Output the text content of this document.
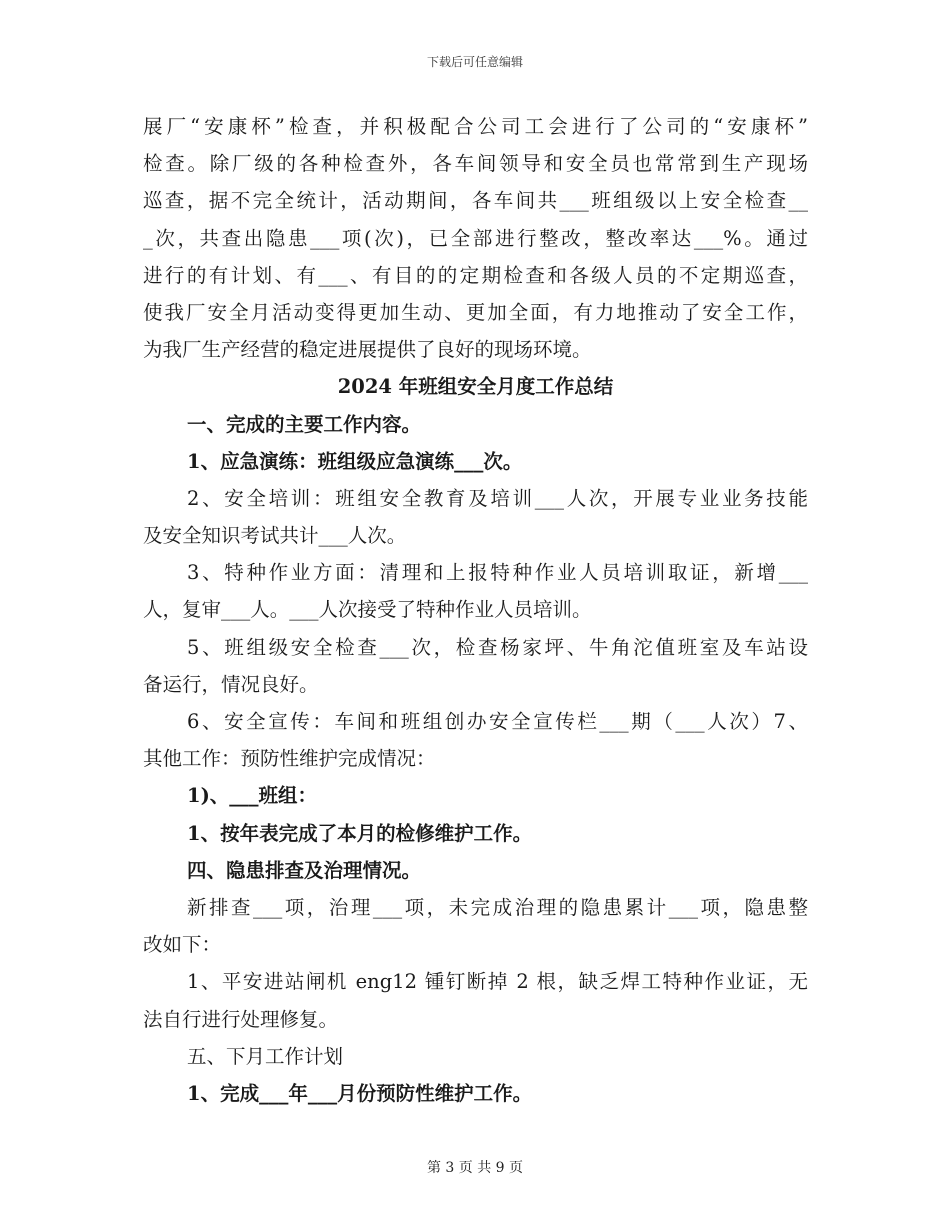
下载后可任意编辑
展厂“安康杯”检查，并积极配合公司工会进行了公司的“安康杯”
检查。除厂级的各种检查外，各车间领导和安全员也常常到生产现场
巡查，据不完全统计，活动期间，各车间共___班组级以上安全检查__
_次，共查出隐患___项(次)，已全部进行整改，整改率达___%。通过
进行的有计划、有___、有目的的定期检查和各级人员的不定期巡查，
使我厂安全月活动变得更加生动、更加全面，有力地推动了安全工作，
为我厂生产经营的稳定进展提供了良好的现场环境。
2024 年班组安全月度工作总结
一、完成的主要工作内容。
1、应急演练：班组级应急演练___次。
2、安全培训：班组安全教育及培训___人次，开展专业业务技能
及安全知识考试共计___人次。
3、特种作业方面：清理和上报特种作业人员培训取证，新增___
人，复审___人。___人次接受了特种作业人员培训。
5、班组级安全检查___次，检查杨家坪、牛角沱值班室及车站设
备运行，情况良好。
6、安全宣传：车间和班组创办安全宣传栏___期（___人次）7、
其他工作：预防性维护完成情况：
1)、___班组：
1、按年表完成了本月的检修维护工作。
四、隐患排查及治理情况。
新排查___项，治理___项，未完成治理的隐患累计___项，隐患整
改如下：
1、平安进站闸机 eng12 锺钉断掉 2 根，缺乏焊工特种作业证，无
法自行进行处理修复。
五、下月工作计划
1、完成___年___月份预防性维护工作。
第 3 页 共 9 页
